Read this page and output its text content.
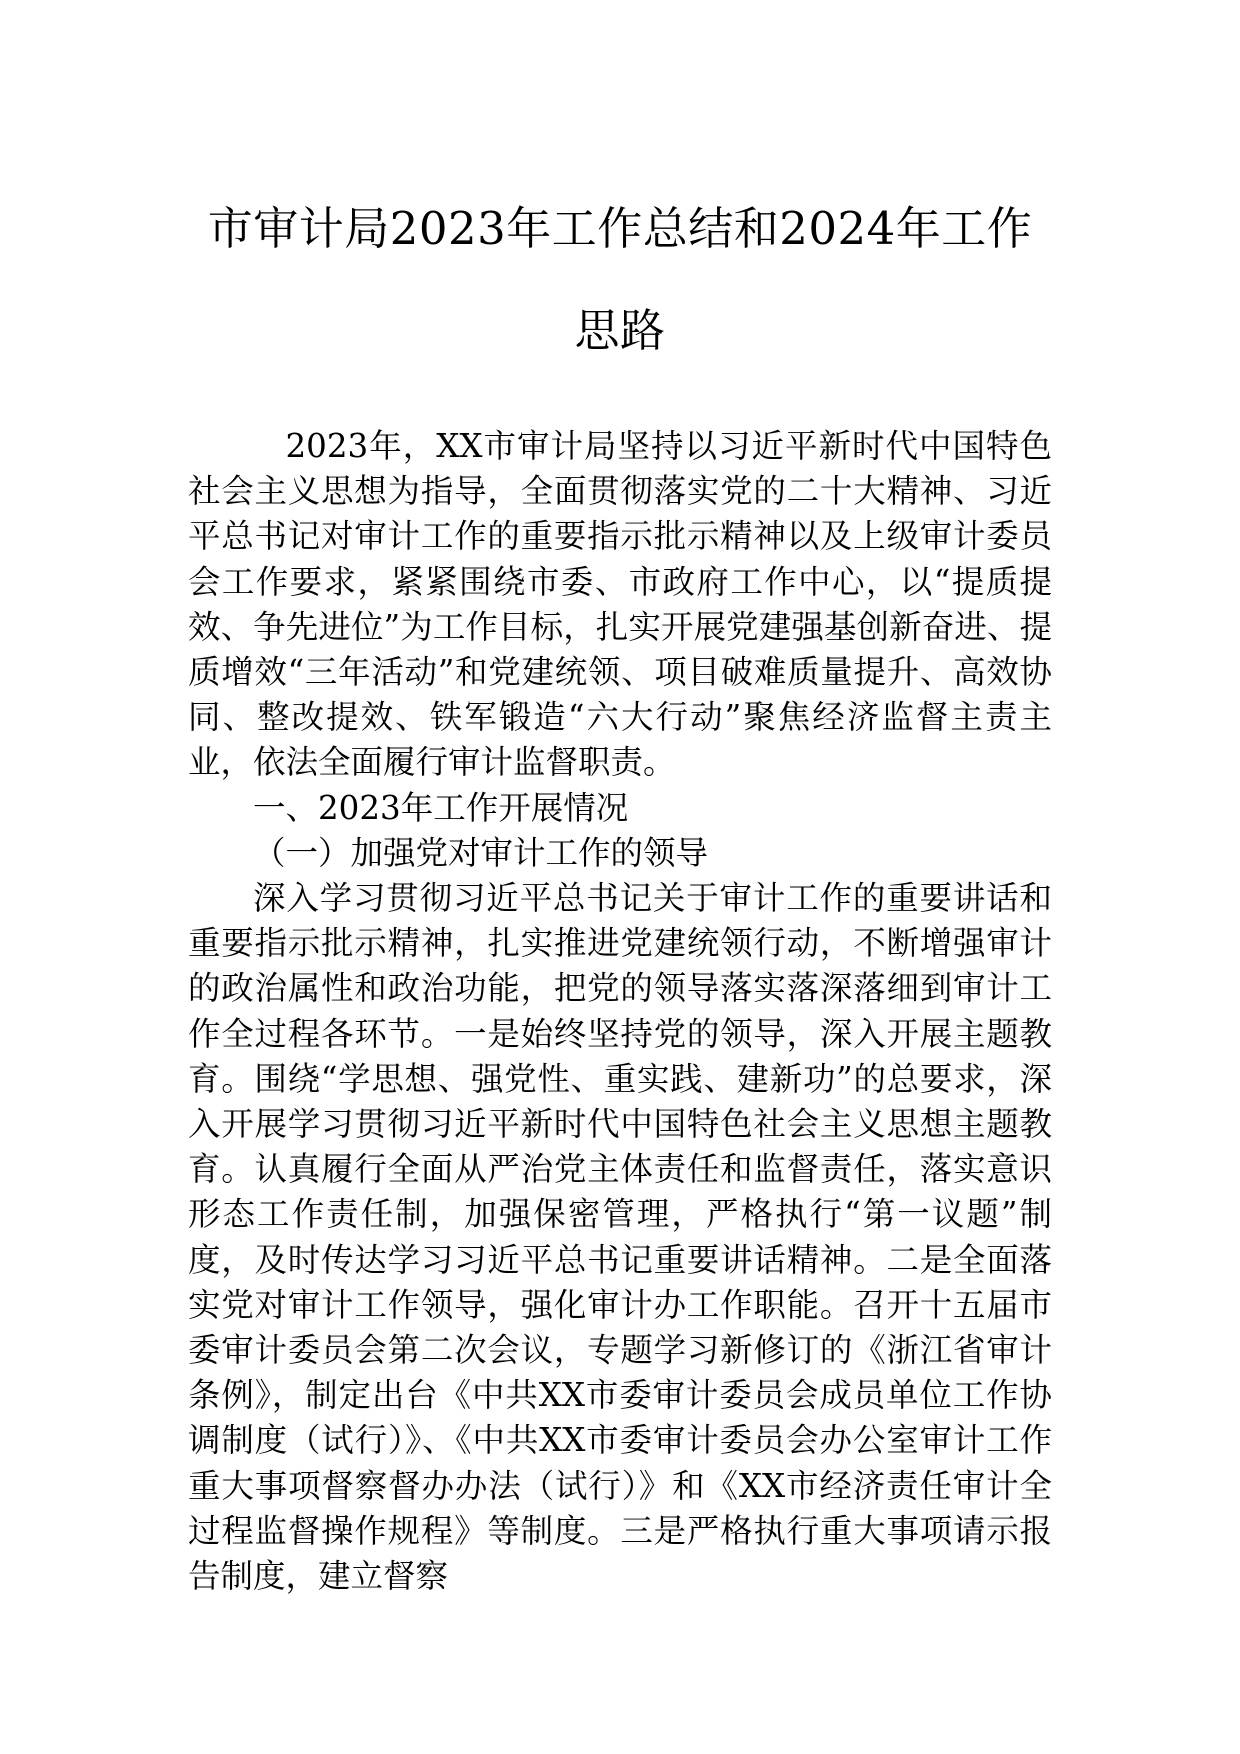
市审计局2023年工作总结和2024年工作思路

2023年，XX市审计局坚持以习近平新时代中国特色社会主义思想为指导，全面贯彻落实党的二十大精神、习近平总书记对审计工作的重要指示批示精神以及上级审计委员会工作要求，紧紧围绕市委、市政府工作中心，以“提质提效、争先进位”为工作目标，扎实开展党建强基创新奋进、提质增效“三年活动”和党建统领、项目破难质量提升、高效协同、整改提效、铁军锻造“六大行动”聚焦经济监督主责主业，依法全面履行审计监督职责。

一、2023年工作开展情况

（一）加强党对审计工作的领导

深入学习贯彻习近平总书记关于审计工作的重要讲话和重要指示批示精神，扎实推进党建统领行动，不断增强审计的政治属性和政治功能，把党的领导落实落深落细到审计工作全过程各环节。一是始终坚持党的领导，深入开展主题教育。围绕“学思想、强党性、重实践、建新功”的总要求，深入开展学习贯彻习近平新时代中国特色社会主义思想主题教育。认真履行全面从严治党主体责任和监督责任，落实意识形态工作责任制，加强保密管理，严格执行“第一议题”制度，及时传达学习习近平总书记重要讲话精神。二是全面落实党对审计工作领导，强化审计办工作职能。召开十五届市委审计委员会第二次会议，专题学习新修订的《浙江省审计条例》，制定出台《中共XX市委审计委员会成员单位工作协调制度（试行）》、《中共XX市委审计委员会办公室审计工作重大事项督察督办办法（试行）》和《XX市经济责任审计全过程监督操作规程》等制度。三是严格执行重大事项请示报告制度，建立督察
